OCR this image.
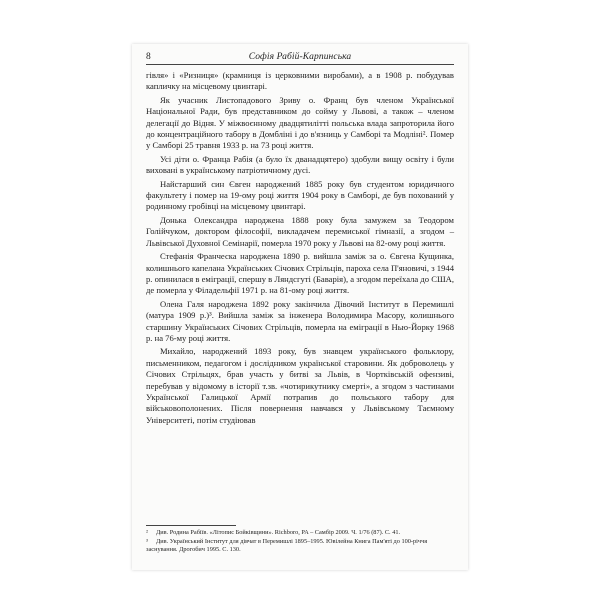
8	Софія Рабій-Карпинська

гівля» і «Ризниця» (крамниця із церковними виробами), а в 1908 р. побудував капличку на місцевому цвинтарі.

Як учасник Листопадового Зриву о. Франц був членом Української Національної Ради, був представником до сойму у Львові, а також – членом делегації до Відня. У міжвоєнному двадцятилітті польська влада запроторила його до концентраційного табору в Домбліні і до в'язниць у Самборі та Модліні². Помер у Самборі 25 травня 1933 р. на 73 році життя.

Усі діти о. Франца Рабія (а було їх дванадцятеро) здобули вищу освіту і були виховані в українському патріотичному дусі.

Найстарший син Євген народжений 1885 року був студентом юридичного факультету і помер на 19-ому році життя 1904 року в Самборі, де був похований у родинному гробівці на місцевому цвинтарі.

Донька Олександра народжена 1888 року була замужем за Теодором Голійчуком, доктором філософії, викладачем перемиської гімназії, а згодом – Львівської Духовної Семінарії, померла 1970 року у Львові на 82-ому році життя.

Стефанія Франческа народжена 1890 р. вийшла заміж за о. Євгена Кущинка, колишнього капелана Українських Січових Стрільців, пароха села П'яновичі, з 1944 р. опинилася в еміграції, спершу в Ляндсгуті (Баварія), а згодом переїхала до США, де померла у Філадельфії 1971 р. на 81-ому році життя.

Олена Галя народжена 1892 року закінчила Дівочий Інститут в Перемишлі (матура 1909 р.)³. Вийшла заміж за інженера Володимира Масору, колишнього старшину Українських Січових Стрільців, померла на еміграції в Нью-Йорку 1968 р. на 76-му році життя.

Михайло, народжений 1893 року, був знавцем українського фольклору, письменником, педагогом і дослідником української старовини. Як доброволець у Січових Стрільцях, брав участь у битві за Львів, в Чортківській офензиві, перебував у відомому в історії т.зв. «чотирикутнику смерті», а згодом з частинами Української Галицької Армії потрапив до польського табору для військовополонених. Після повернення навчався у Львівському Таємному Університеті, потім студіював

² Див. Родина Рабіїв. «Літопис Бойківщини». Richboro, PA – Самбір 2009. Ч. 1/76 (87). С. 41.
³ Див. Український Інститут для дівчат в Перемишлі 1895–1995. Ювілейна Книга Пам'яті до 100-річчя заснування. Дрогобич 1995. С. 130.
